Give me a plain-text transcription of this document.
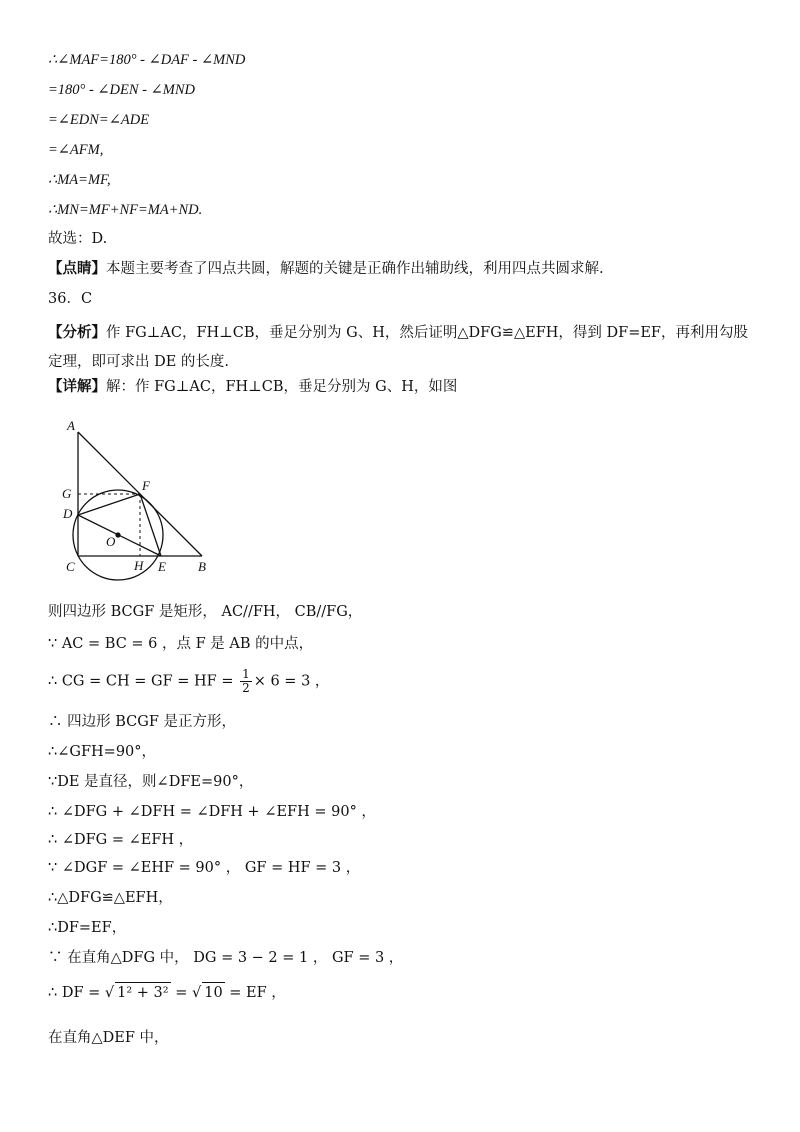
∴∠MAF=180° - ∠DAF - ∠MND
=180° - ∠DEN - ∠MND
=∠EDN=∠ADE
=∠AFM,
∴MA=MF,
∴MN=MF+NF=MA+ND.
故选：D.
【点睛】本题主要考查了四点共圆，解题的关键是正确作出辅助线，利用四点共圆求解.
36．C
【分析】作 FG⊥AC，FH⊥CB，垂足分别为 G、H，然后证明△DFG≌△EFH，得到 DF=EF，再利用勾股定理，即可求出 DE 的长度.
【详解】解：作 FG⊥AC，FH⊥CB，垂足分别为 G、H，如图
A
G
F
D
O
C	H E B
则四边形 BCGF 是矩形， AC//FH， CB//FG，
∵ AC = BC = 6 ，点 F 是 AB 的中点，
∴ CG = CH = GF = HF = $\frac{1}{2} \times 6 = 3$ ，
∴ 四边形 BCGF 是正方形，
∴∠GFH=90°，
∵DE 是直径，则∠DFE=90°，
∴ ∠DFG + ∠DFH = ∠DFH + ∠EFH = 90° ，
∴ ∠DFG = ∠EFH ，
∵ ∠DGF = ∠EHF = 90° ， GF = HF = 3 ，
∴△DFG≌△EFH，
∴DF=EF，
∵ 在直角△DFG 中， DG = 3 − 2 = 1 ， GF = 3 ，
∴ DF = √ 1² + 3² = √ 10 = EF ，
在直角△DEF 中，
